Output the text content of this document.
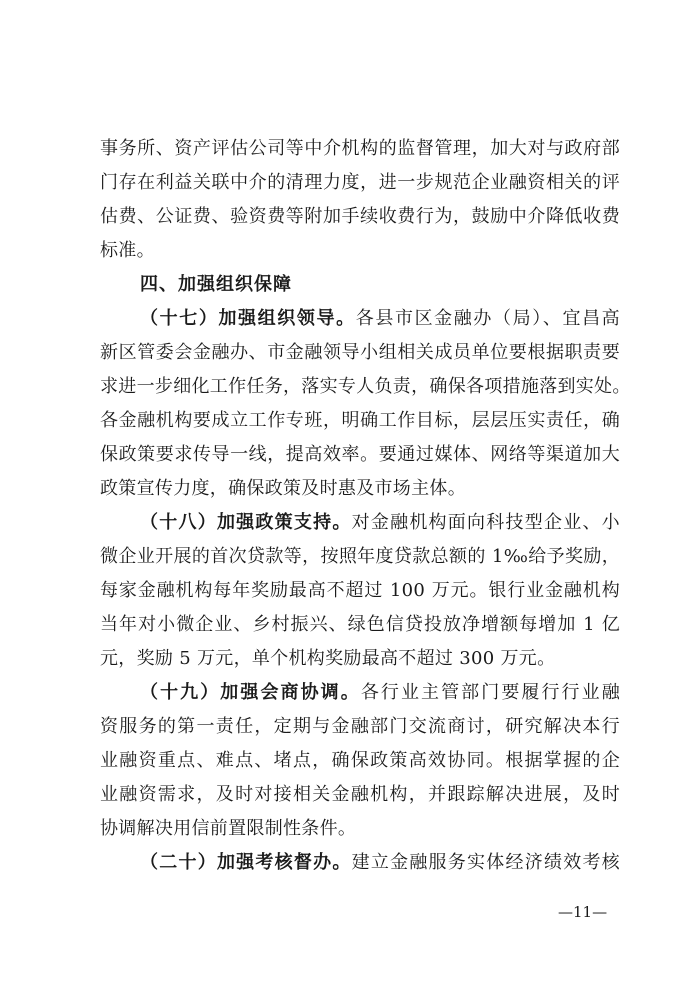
事务所、资产评估公司等中介机构的监督管理，加大对与政府部
门存在利益关联中介的清理力度，进一步规范企业融资相关的评
估费、公证费、验资费等附加手续收费行为，鼓励中介降低收费
标准。
四、加强组织保障
（十七）加强组织领导。各县市区金融办（局）、宜昌高
新区管委会金融办、市金融领导小组相关成员单位要根据职责要
求进一步细化工作任务，落实专人负责，确保各项措施落到实处。
各金融机构要成立工作专班，明确工作目标，层层压实责任，确
保政策要求传导一线，提高效率。要通过媒体、网络等渠道加大
政策宣传力度，确保政策及时惠及市场主体。
（十八）加强政策支持。对金融机构面向科技型企业、小
微企业开展的首次贷款等，按照年度贷款总额的 1‰给予奖励，
每家金融机构每年奖励最高不超过 100 万元。银行业金融机构
当年对小微企业、乡村振兴、绿色信贷投放净增额每增加 1 亿
元，奖励 5 万元，单个机构奖励最高不超过 300 万元。
（十九）加强会商协调。各行业主管部门要履行行业融
资服务的第一责任，定期与金融部门交流商讨，研究解决本行
业融资重点、难点、堵点，确保政策高效协同。根据掌握的企
业融资需求，及时对接相关金融机构，并跟踪解决进展，及时
协调解决用信前置限制性条件。
（二十）加强考核督办。建立金融服务实体经济绩效考核
—11—
